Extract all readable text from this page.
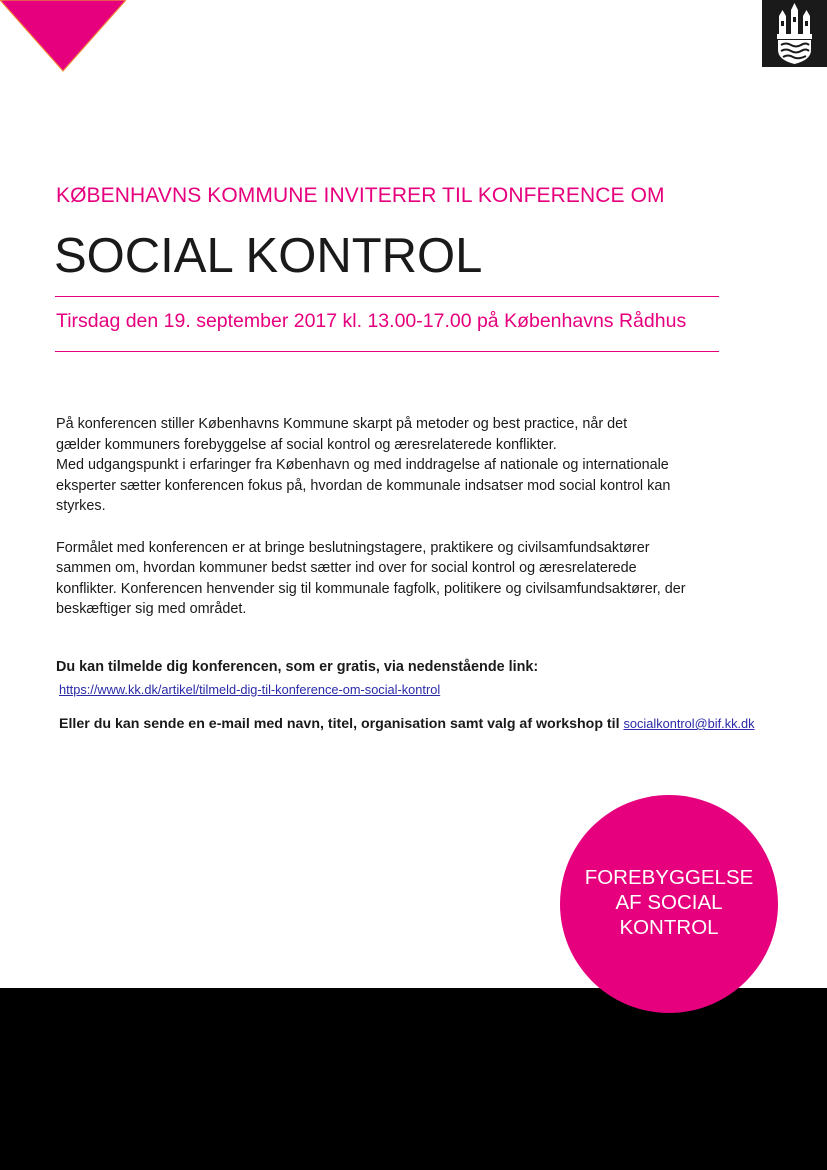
KØBENHAVNS KOMMUNE INVITERER TIL KONFERENCE OM
SOCIAL KONTROL
Tirsdag den 19. september 2017 kl. 13.00-17.00 på Københavns Rådhus

På konferencen stiller Københavns Kommune skarpt på metoder og best practice, når det
gælder kommuners forebyggelse af social kontrol og æresrelaterede konflikter.
Med udgangspunkt i erfaringer fra København og med inddragelse af nationale og internationale
eksperter sætter konferencen fokus på, hvordan de kommunale indsatser mod social kontrol kan
styrkes.

Formålet med konferencen er at bringe beslutningstagere, praktikere og civilsamfundsaktører
sammen om, hvordan kommuner bedst sætter ind over for social kontrol og æresrelaterede
konflikter. Konferencen henvender sig til kommunale fagfolk, politikere og civilsamfundsaktører, der
beskæftiger sig med området.

Du kan tilmelde dig konferencen, som er gratis, via nedenstående link:
https://www.kk.dk/artikel/tilmeld-dig-til-konference-om-social-kontrol
Eller du kan sende en e-mail med navn, titel, organisation samt valg af workshop til socialkontrol@bif.kk.dk
FOREBYGGELSE
AF SOCIAL
KONTROL
